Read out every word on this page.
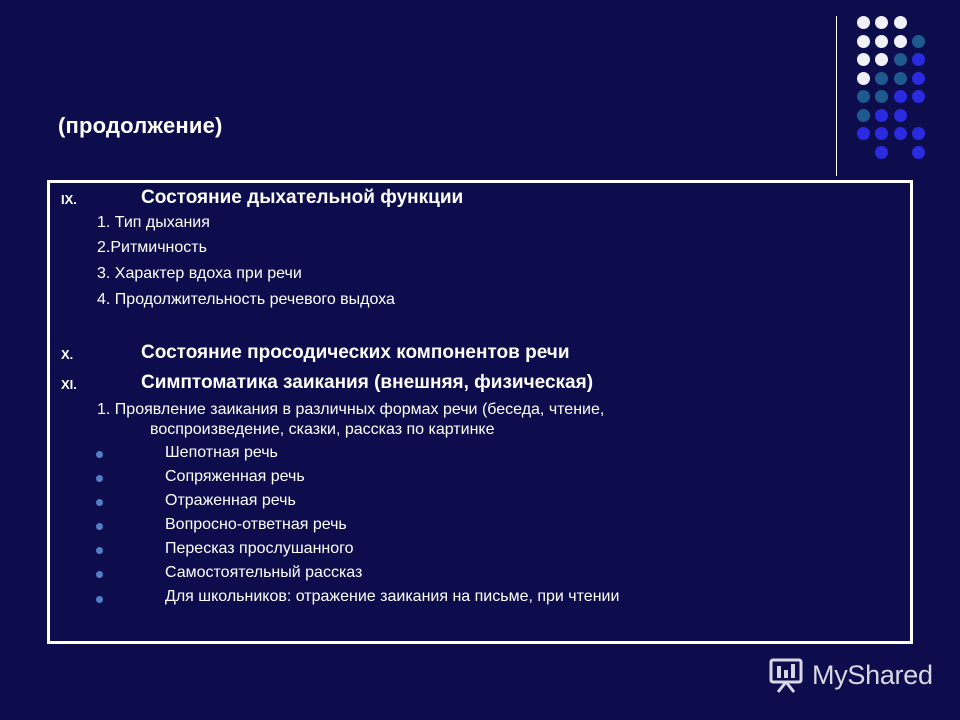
(продолжение)
IX.	Состояние дыхательной функции
1. Тип дыхания
2.Ритмичность
3. Характер вдоха при речи
4. Продолжительность речевого выдоха
X.	Состояние просодических компонентов речи
XI.	Симптоматика заикания (внешняя, физическая)
1. Проявление заикания в различных формах речи (беседа, чтение,
воспроизведение, сказки, рассказ по картинке
Шепотная речь
Сопряженная речь
Отраженная речь
Вопросно-ответная речь
Пересказ прослушанного
Самостоятельный рассказ
Для школьников: отражение заикания на письме, при чтении
MyShared
